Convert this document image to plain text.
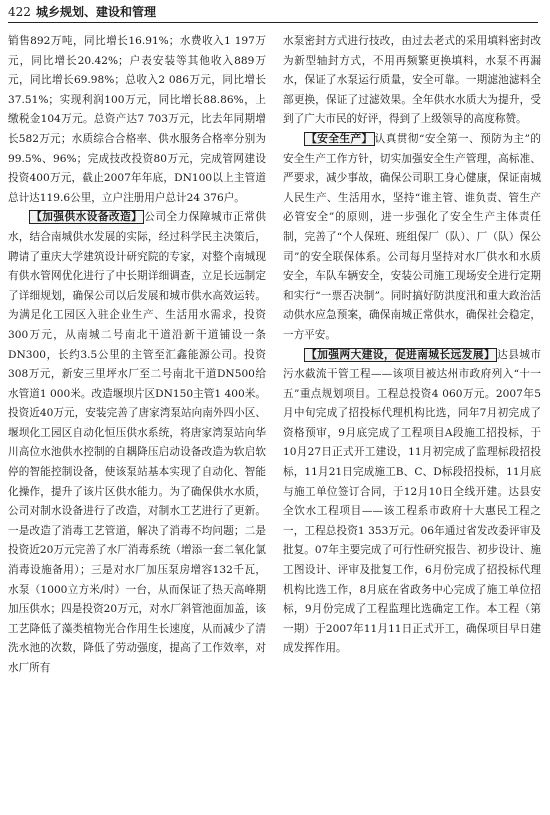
422 城乡规划、建设和管理

销售892万吨，同比增长16.91%；水费收入1 197万元，同比增长20.42%；户表安装等其他收入889万元，同比增长69.98%；总收入2 086万元，同比增长37.51%；实现利润100万元，同比增长88.86%，上缴税金104万元。总资产达7 703万元，比去年同期增长582万元；水质综合合格率、供水服务合格率分别为99.5%、96%；完成技改投资80万元，完成管网建设投资400万元，截止2007年年底，DN100以上主管道总计达119.6公里，立户注册用户总计24 376户。

【加强供水设备改造】 公司全力保障城市正常供水，结合南城供水发展的实际，经过科学民主决策后，聘请了重庆大学建筑设计研究院的专家，对整个南城现有供水管网优化进行了中长期详细调查，立足长远制定了详细规划，确保公司以后发展和城市供水高效运转。为满足化工园区入驻企业生产、生活用水需求，投资300万元，从南城二号南北干道沿新干道铺设一条DN300，长约3.5公里的主管至汇鑫能源公司。投资308万元，新安三里坪水厂至二号南北干道DN500给水管道1 000米。改造堰坝片区DN150主管1 400米。投资近40万元，安装完善了唐家湾泵站向南外四小区、堰坝化工园区自动化恒压供水系统，将唐家湾泵站向华川高位水池供水控制的自耦降压启动设备改造为软启软停的智能控制设备，使该泵站基本实现了自动化、智能化操作，提升了该片区供水能力。为了确保供水水质，公司对制水设备进行了改造，对制水工艺进行了更新。一是改造了消毒工艺管道，解决了消毒不均问题；二是投资近20万元完善了水厂消毒系统（增添一套二氧化氯消毒设施备用）；三是对水厂加压泵房增容132千瓦，水泵（1000立方米/时）一台，从而保证了热天高峰期加压供水；四是投资20万元，对水厂斜管池面加盖，该工艺降低了藻类植物光合作用生长速度，从而减少了清洗水池的次数，降低了劳动强度，提高了工作效率，对水厂所有

水泵密封方式进行技改，由过去老式的采用填料密封改为新型轴封方式，不用再频繁更换填料，水泵不再漏水，保证了水泵运行质量，安全可靠。一期滤池滤料全部更换，保证了过滤效果。全年供水水质大为提升，受到了广大市民的好评，得到了上级领导的高度称赞。

【安全生产】 认真贯彻“安全第一、预防为主”的安全生产工作方针，切实加强安全生产管理，高标准、严要求，减少事故，确保公司职工身心健康，保证南城人民生产、生活用水，坚持“谁主管、谁负责、管生产必管安全”的原则，进一步强化了安全生产主体责任制，完善了“个人保班、班组保厂（队）、厂（队）保公司”的安全联保体系。公司每月坚持对水厂供水和水质安全，车队车辆安全，安装公司施工现场安全进行定期和实行“一票否决制”。同时搞好防洪度汛和重大政治活动供水应急预案，确保南城正常供水，确保社会稳定，一方平安。

【加强两大建设，促进南城长远发展】 达县城市污水截流干管工程——该项目被达州市政府列入“十一五”重点规划项目。工程总投资4 060万元。2007年5月中旬完成了招投标代理机构比选，同年7月初完成了资格预审，9月底完成了工程项目A段施工招投标，于10月27日正式开工建设，11月初完成了监理标段招投标，11月21日完成施工B、C、D标段招投标，11月底与施工单位签订合同，于12月10日全线开建。达县安全饮水工程项目——该工程系市政府十大惠民工程之一，工程总投资1 353万元。06年通过省发改委评审及批复。07年主要完成了可行性研究报告、初步设计、施工图设计、评审及批复工作，6月份完成了招投标代理机构比选工作，8月底在省政务中心完成了施工单位招标，9月份完成了工程监理比选确定工作。本工程（第一期）于2007年11月11日正式开工，确保项目早日建成发挥作用。
